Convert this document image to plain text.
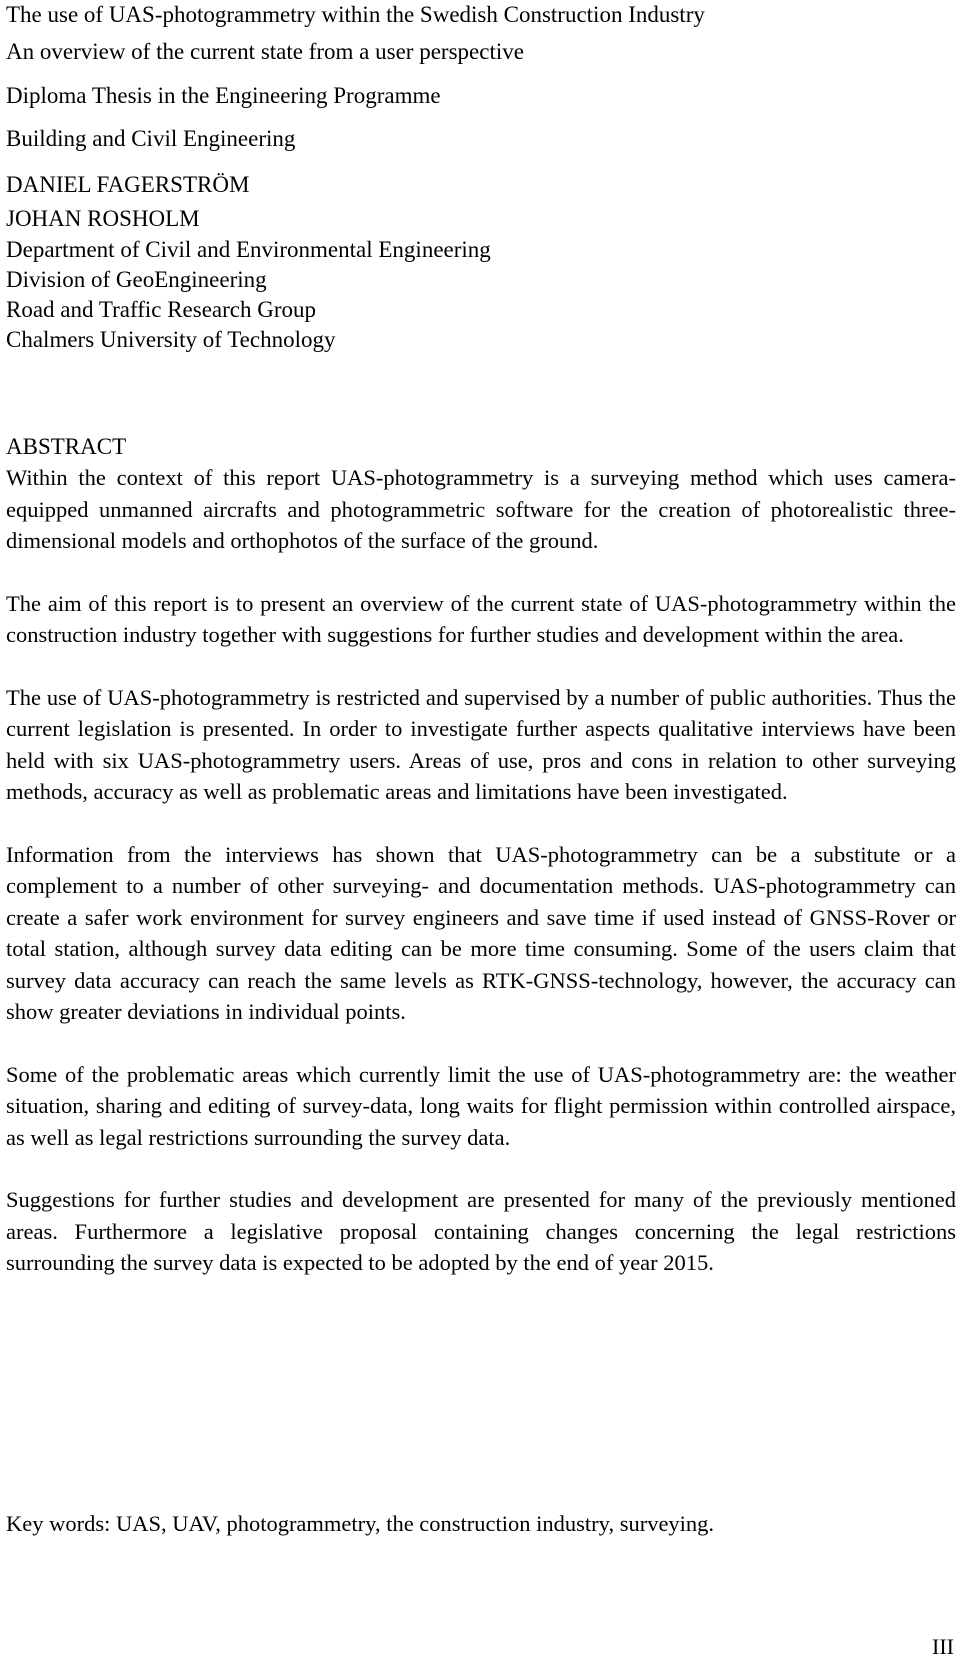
The use of UAS-photogrammetry within the Swedish Construction Industry
An overview of the current state from a user perspective
Diploma Thesis in the Engineering Programme
Building and Civil Engineering
DANIEL FAGERSTRÖM
JOHAN ROSHOLM
Department of Civil and Environmental Engineering
Division of GeoEngineering
Road and Traffic Research Group
Chalmers University of Technology
ABSTRACT

Within the context of this report UAS-photogrammetry is a surveying method which uses camera-equipped unmanned aircrafts and photogrammetric software for the creation of photorealistic three-dimensional models and orthophotos of the surface of the ground.

The aim of this report is to present an overview of the current state of UAS-photogrammetry within the construction industry together with suggestions for further studies and development within the area.

The use of UAS-photogrammetry is restricted and supervised by a number of public authorities. Thus the current legislation is presented. In order to investigate further aspects qualitative interviews have been held with six UAS-photogrammetry users. Areas of use, pros and cons in relation to other surveying methods, accuracy as well as problematic areas and limitations have been investigated.

Information from the interviews has shown that UAS-photogrammetry can be a substitute or a complement to a number of other surveying- and documentation methods. UAS-photogrammetry can create a safer work environment for survey engineers and save time if used instead of GNSS-Rover or total station, although survey data editing can be more time consuming. Some of the users claim that survey data accuracy can reach the same levels as RTK-GNSS-technology, however, the accuracy can show greater deviations in individual points.

Some of the problematic areas which currently limit the use of UAS-photogrammetry are: the weather situation, sharing and editing of survey-data, long waits for flight permission within controlled airspace, as well as legal restrictions surrounding the survey data.

Suggestions for further studies and development are presented for many of the previously mentioned areas. Furthermore a legislative proposal containing changes concerning the legal restrictions surrounding the survey data is expected to be adopted by the end of year 2015.

Key words: UAS, UAV, photogrammetry, the construction industry, surveying.
III
